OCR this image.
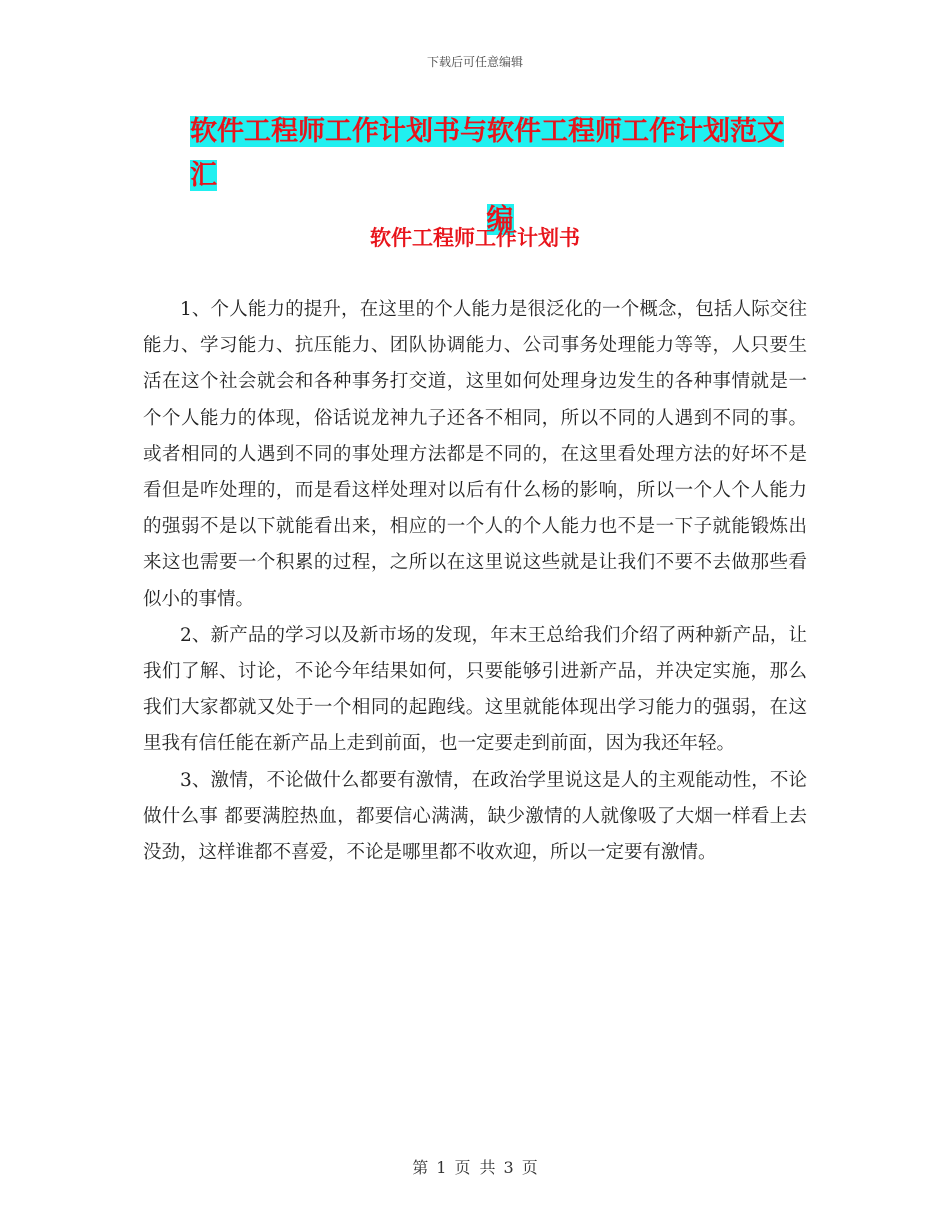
下载后可任意编辑
软件工程师工作计划书与软件工程师工作计划范文汇
编
软件工程师工作计划书

1、个人能力的提升，在这里的个人能力是很泛化的一个概念，包括人际交往能力、学习能力、抗压能力、团队协调能力、公司事务处理能力等等，人只要生活在这个社会就会和各种事务打交道，这里如何处理身边发生的各种事情就是一个个人能力的体现，俗话说龙神九子还各不相同，所以不同的人遇到不同的事。或者相同的人遇到不同的事处理方法都是不同的，在这里看处理方法的好坏不是看但是咋处理的，而是看这样处理对以后有什么杨的影响，所以一个人个人能力的强弱不是以下就能看出来，相应的一个人的个人能力也不是一下子就能锻炼出来这也需要一个积累的过程，之所以在这里说这些就是让我们不要不去做那些看似小的事情。

2、新产品的学习以及新市场的发现，年末王总给我们介绍了两种新产品，让我们了解、讨论，不论今年结果如何，只要能够引进新产品，并决定实施，那么我们大家都就又处于一个相同的起跑线。这里就能体现出学习能力的强弱，在这里我有信任能在新产品上走到前面，也一定要走到前面，因为我还年轻。

3、激情，不论做什么都要有激情，在政治学里说这是人的主观能动性，不论做什么事 都要满腔热血，都要信心满满，缺少激情的人就像吸了大烟一样看上去没劲，这样谁都不喜爱，不论是哪里都不收欢迎，所以一定要有激情。

第 1 页 共 3 页
